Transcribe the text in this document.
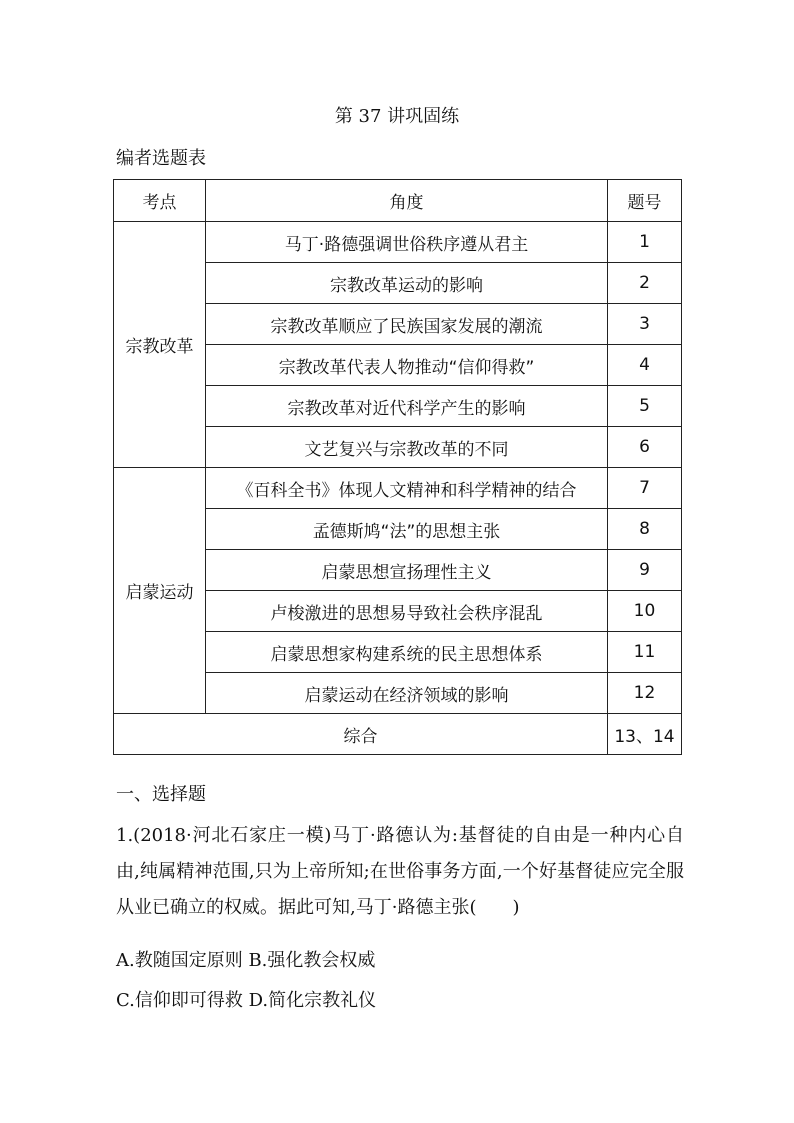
第 37 讲巩固练
编者选题表
考点	角度	题号
宗教改革	马丁·路德强调世俗秩序遵从君主	1
	宗教改革运动的影响	2
	宗教改革顺应了民族国家发展的潮流	3
	宗教改革代表人物推动“信仰得救”	4
	宗教改革对近代科学产生的影响	5
	文艺复兴与宗教改革的不同	6
启蒙运动	《百科全书》体现人文精神和科学精神的结合	7
	孟德斯鸠“法”的思想主张	8
	启蒙思想宣扬理性主义	9
	卢梭激进的思想易导致社会秩序混乱	10
	启蒙思想家构建系统的民主思想体系	11
	启蒙运动在经济领域的影响	12
综合		13、14
一、选择题
1.(2018·河北石家庄一模)马丁·路德认为:基督徒的自由是一种内心自由,纯属精神范围,只为上帝所知;在世俗事务方面,一个好基督徒应完全服从业已确立的权威。据此可知,马丁·路德主张(　　)
A.教随国定原则 B.强化教会权威
C.信仰即可得救 D.简化宗教礼仪
